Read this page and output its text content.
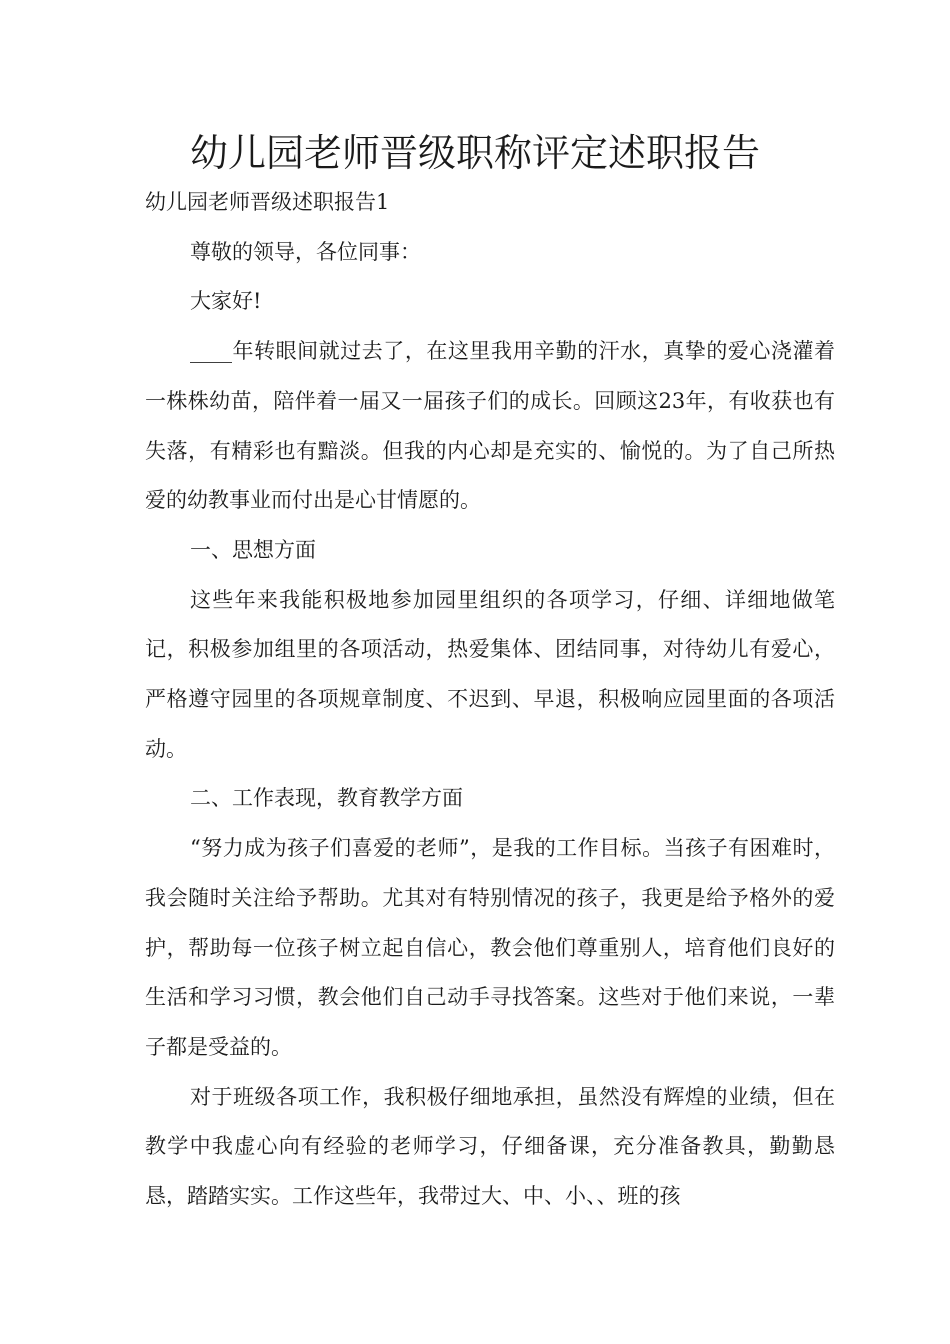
幼儿园老师晋级职称评定述职报告

幼儿园老师晋级述职报告1

尊敬的领导，各位同事：

大家好!

____年转眼间就过去了，在这里我用辛勤的汗水，真挚的爱心浇灌着一株株幼苗，陪伴着一届又一届孩子们的成长。回顾这23年，有收获也有失落，有精彩也有黯淡。但我的内心却是充实的、愉悦的。为了自己所热爱的幼教事业而付出是心甘情愿的。

一、思想方面

这些年来我能积极地参加园里组织的各项学习，仔细、详细地做笔记，积极参加组里的各项活动，热爱集体、团结同事，对待幼儿有爱心，严格遵守园里的各项规章制度、不迟到、早退，积极响应园里面的各项活动。

二、工作表现，教育教学方面

“努力成为孩子们喜爱的老师”，是我的工作目标。当孩子有困难时，我会随时关注给予帮助。尤其对有特别情况的孩子，我更是给予格外的爱护，帮助每一位孩子树立起自信心，教会他们尊重别人，培育他们良好的生活和学习习惯，教会他们自己动手寻找答案。这些对于他们来说，一辈子都是受益的。

对于班级各项工作，我积极仔细地承担，虽然没有辉煌的业绩，但在教学中我虚心向有经验的老师学习，仔细备课，充分准备教具，勤勤恳恳，踏踏实实。工作这些年，我带过大、中、小、、班的孩
